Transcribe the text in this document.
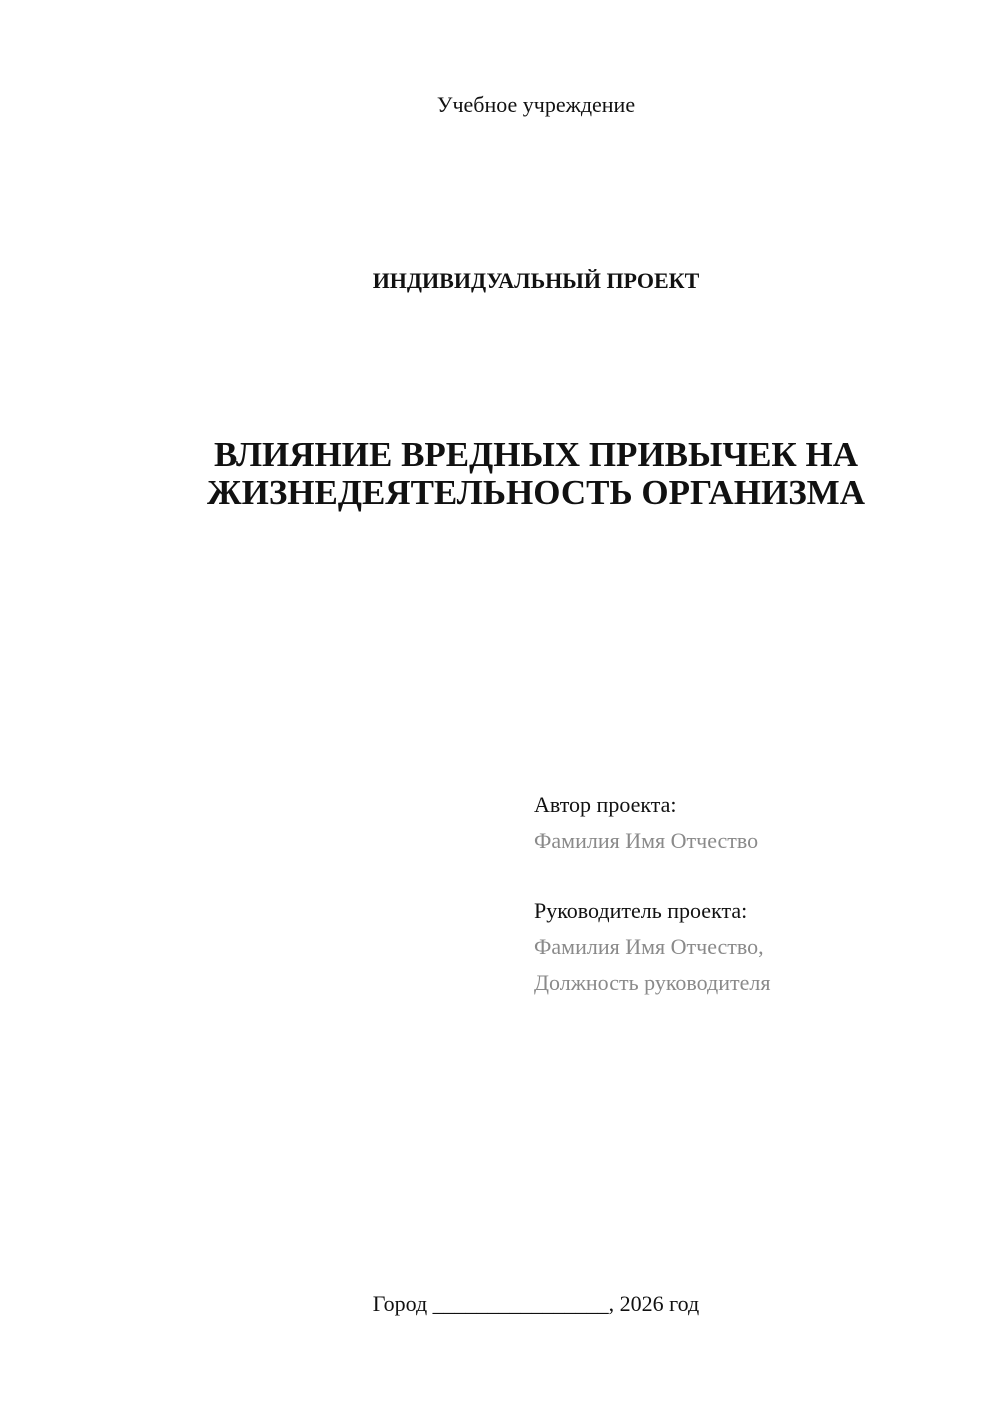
Учебное учреждение
ИНДИВИДУАЛЬНЫЙ ПРОЕКТ
ВЛИЯНИЕ ВРЕДНЫХ ПРИВЫЧЕК НА
ЖИЗНЕДЕЯТЕЛЬНОСТЬ ОРГАНИЗМА
Автор проекта:
Фамилия Имя Отчество
Руководитель проекта:
Фамилия Имя Отчество,
Должность руководителя
Город ________________, 2026 год
